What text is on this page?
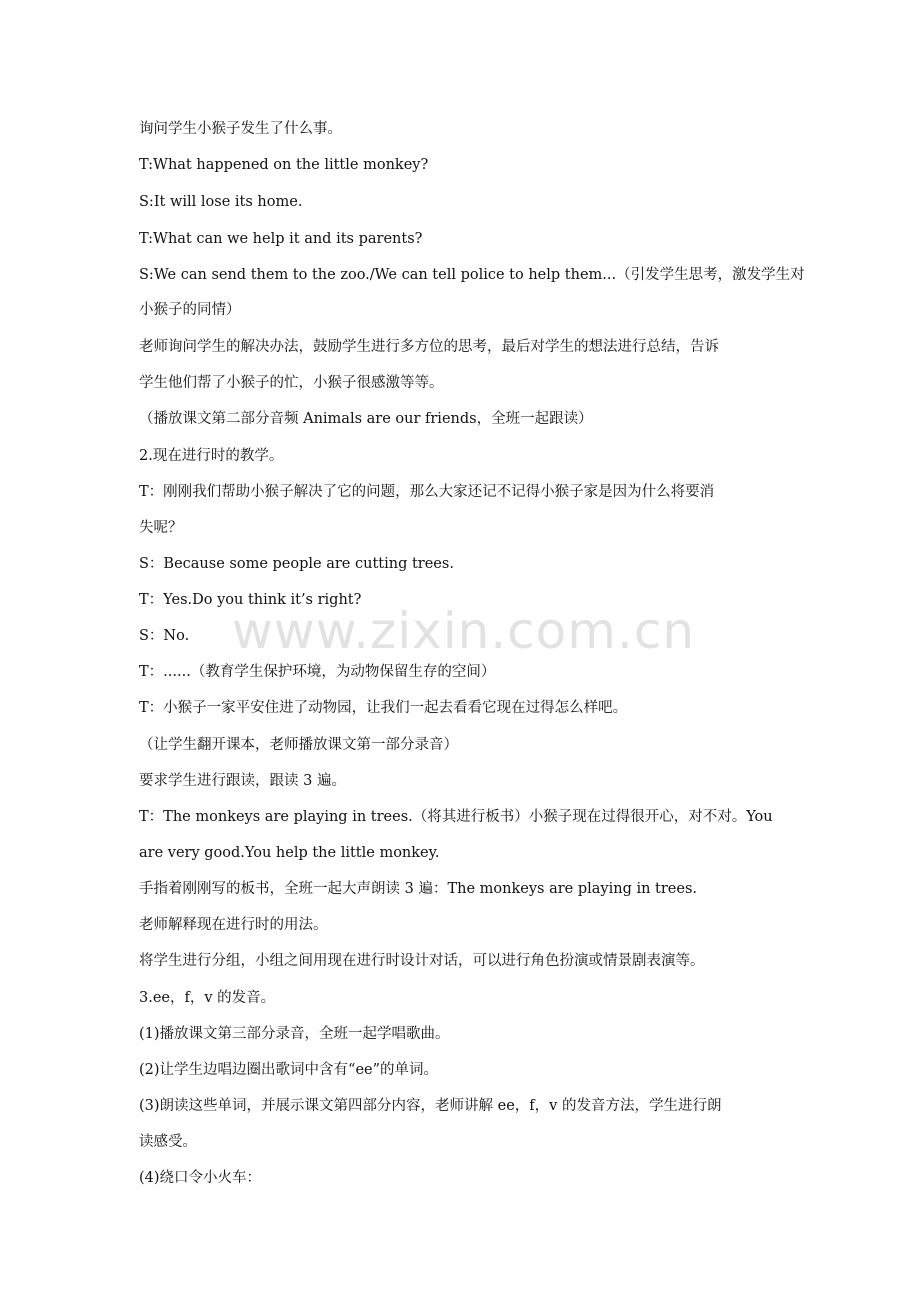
询问学生小猴子发生了什么事。
T:What happened on the little monkey?
S:It will lose its home.
T:What can we help it and its parents?
S:We can send them to the zoo./We can tell police to help them...（引发学生思考，激发学生对
小猴子的同情）
老师询问学生的解决办法，鼓励学生进行多方位的思考，最后对学生的想法进行总结，告诉
学生他们帮了小猴子的忙，小猴子很感激等等。
（播放课文第二部分音频 Animals are our friends，全班一起跟读）
2.现在进行时的教学。
T：刚刚我们帮助小猴子解决了它的问题，那么大家还记不记得小猴子家是因为什么将要消
失呢？
S：Because some people are cutting trees.
T：Yes.Do you think it’s right?
S：No.
T：......（教育学生保护环境，为动物保留生存的空间）
T：小猴子一家平安住进了动物园，让我们一起去看看它现在过得怎么样吧。
（让学生翻开课本，老师播放课文第一部分录音）
要求学生进行跟读，跟读 3 遍。
T：The monkeys are playing in trees.（将其进行板书）小猴子现在过得很开心，对不对。You
are very good.You help the little monkey.
手指着刚刚写的板书，全班一起大声朗读 3 遍：The monkeys are playing in trees.
老师解释现在进行时的用法。
将学生进行分组，小组之间用现在进行时设计对话，可以进行角色扮演或情景剧表演等。
3.ee，f，v 的发音。
(1)播放课文第三部分录音，全班一起学唱歌曲。
(2)让学生边唱边圈出歌词中含有“ee”的单词。
(3)朗读这些单词，并展示课文第四部分内容，老师讲解 ee，f，v 的发音方法，学生进行朗
读感受。
(4)绕口令小火车：
www.zixin.com.cn
